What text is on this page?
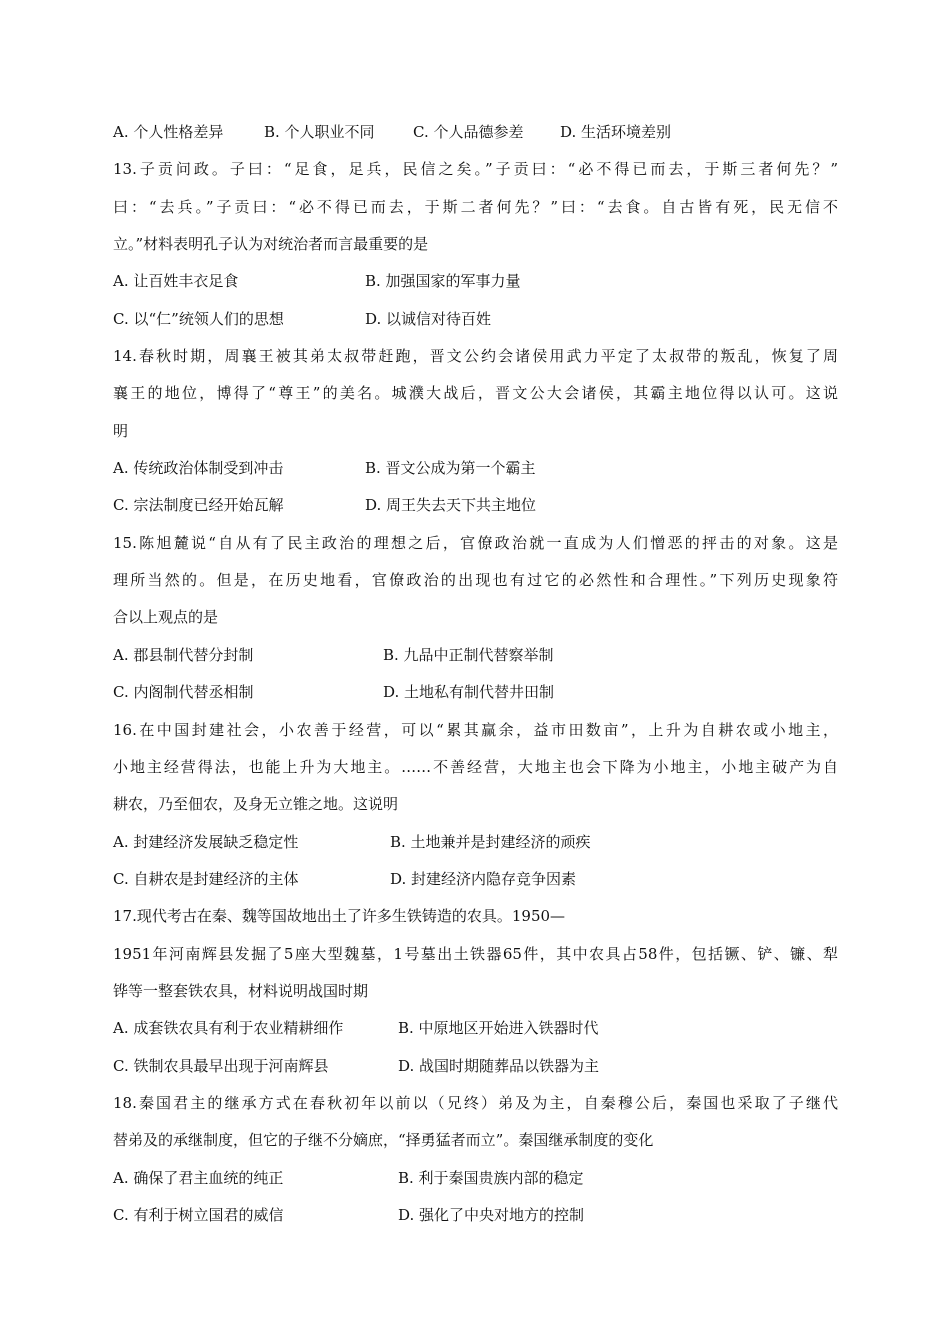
A. 个人性格差异	B. 个人职业不同	C. 个人品德参差 D. 生活环境差别
13.子贡问政。子曰：“足食，足兵，民信之矣。”子贡曰：“必不得已而去，于斯三者何先？”
曰：“去兵。”子贡曰：“必不得已而去，于斯二者何先？”曰：“去食。自古皆有死，民无信不
立。”材料表明孔子认为对统治者而言最重要的是
A. 让百姓丰衣足食	B. 加强国家的军事力量
C. 以“仁”统领人们的思想	D. 以诚信对待百姓
14.春秋时期，周襄王被其弟太叔带赶跑，晋文公约会诸侯用武力平定了太叔带的叛乱，恢复了周
襄王的地位，博得了“尊王”的美名。城濮大战后，晋文公大会诸侯，其霸主地位得以认可。这说
明
A. 传统政治体制受到冲击	B. 晋文公成为第一个霸主
C. 宗法制度已经开始瓦解	D. 周王失去天下共主地位
15.陈旭麓说“自从有了民主政治的理想之后，官僚政治就一直成为人们憎恶的抨击的对象。这是
理所当然的。但是，在历史地看，官僚政治的出现也有过它的必然性和合理性。”下列历史现象符
合以上观点的是
A. 郡县制代替分封制	B. 九品中正制代替察举制
C. 内阁制代替丞相制	D. 土地私有制代替井田制
16.在中国封建社会，小农善于经营，可以“累其赢余，益市田数亩”，上升为自耕农或小地主，
小地主经营得法，也能上升为大地主。……不善经营，大地主也会下降为小地主，小地主破产为自
耕农，乃至佃农，及身无立锥之地。这说明
A. 封建经济发展缺乏稳定性	B. 土地兼并是封建经济的顽疾
C. 自耕农是封建经济的主体	D. 封建经济内隐存竞争因素
17.现代考古在秦、魏等国故地出土了许多生铁铸造的农具。1950—
1951年河南辉县发掘了5座大型魏墓，1号墓出土铁器65件，其中农具占58件，包括镢、铲、镰、犁
铧等一整套铁农具，材料说明战国时期
A. 成套铁农具有利于农业精耕细作	B. 中原地区开始进入铁器时代
C. 铁制农具最早出现于河南辉县	D. 战国时期随葬品以铁器为主
18.秦国君主的继承方式在春秋初年以前以（兄终）弟及为主，自秦穆公后，秦国也采取了子继代
替弟及的承继制度，但它的子继不分嫡庶，“择勇猛者而立”。秦国继承制度的变化
A. 确保了君主血统的纯正	B. 利于秦国贵族内部的稳定
C. 有利于树立国君的威信	D. 强化了中央对地方的控制
